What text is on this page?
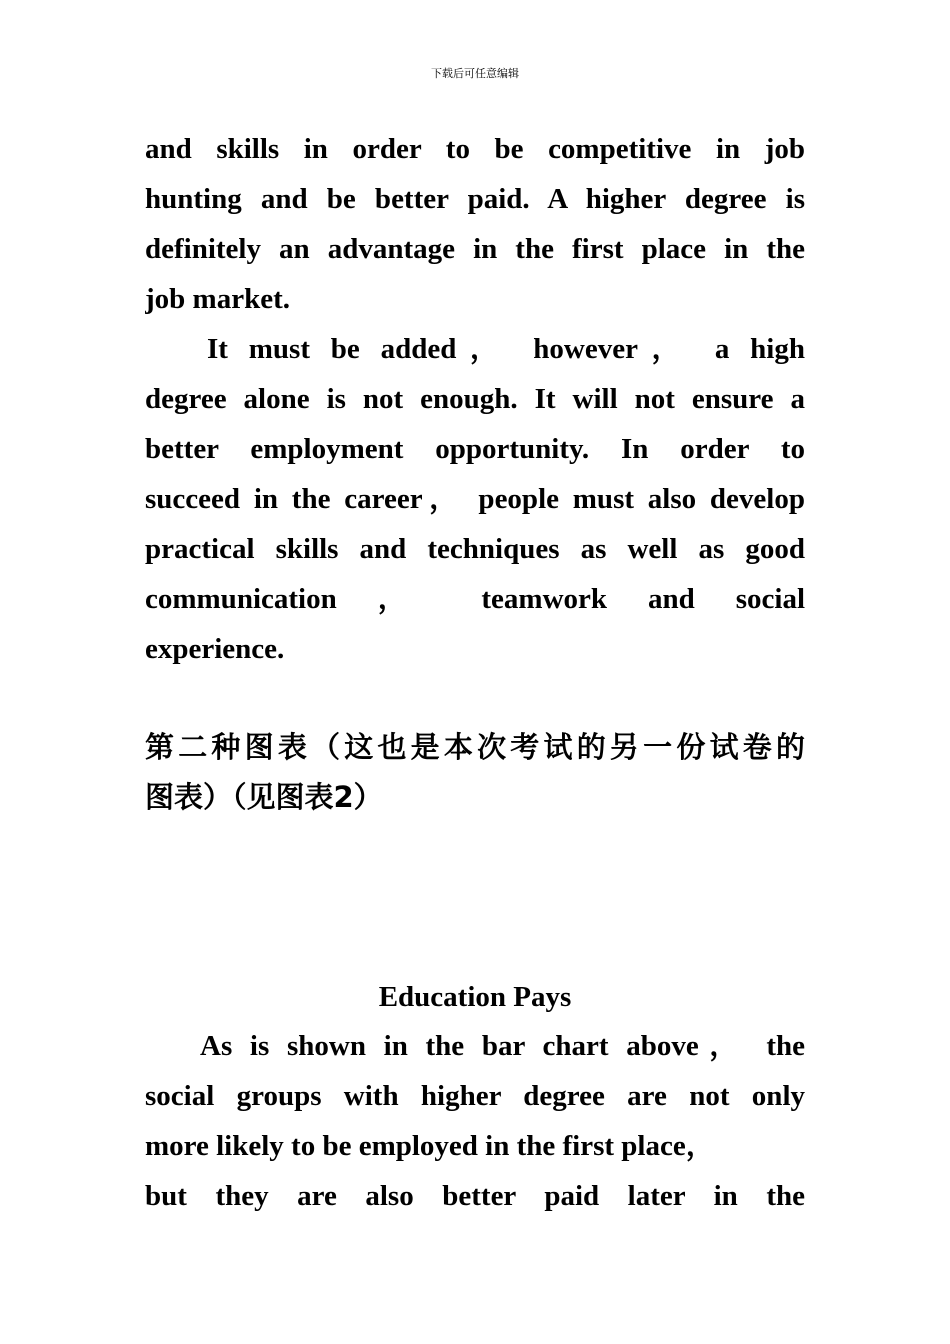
下载后可任意编辑
and skills in order to be competitive in job
hunting and be better paid. A higher degree is
definitely an advantage in the first place in the
job market.
It must be added， however， a high
degree alone is not enough. It will not ensure a
better employment opportunity. In order to
succeed in the career， people must also develop
practical skills and techniques as well as good
communication ， teamwork and social
experience.
第二种图表（这也是本次考试的另一份试卷的
图表）（见图表2）
Education Pays
As is shown in the bar chart above， the
social groups with higher degree are not only
more likely to be employed in the first place，
but they are also better paid later in the
